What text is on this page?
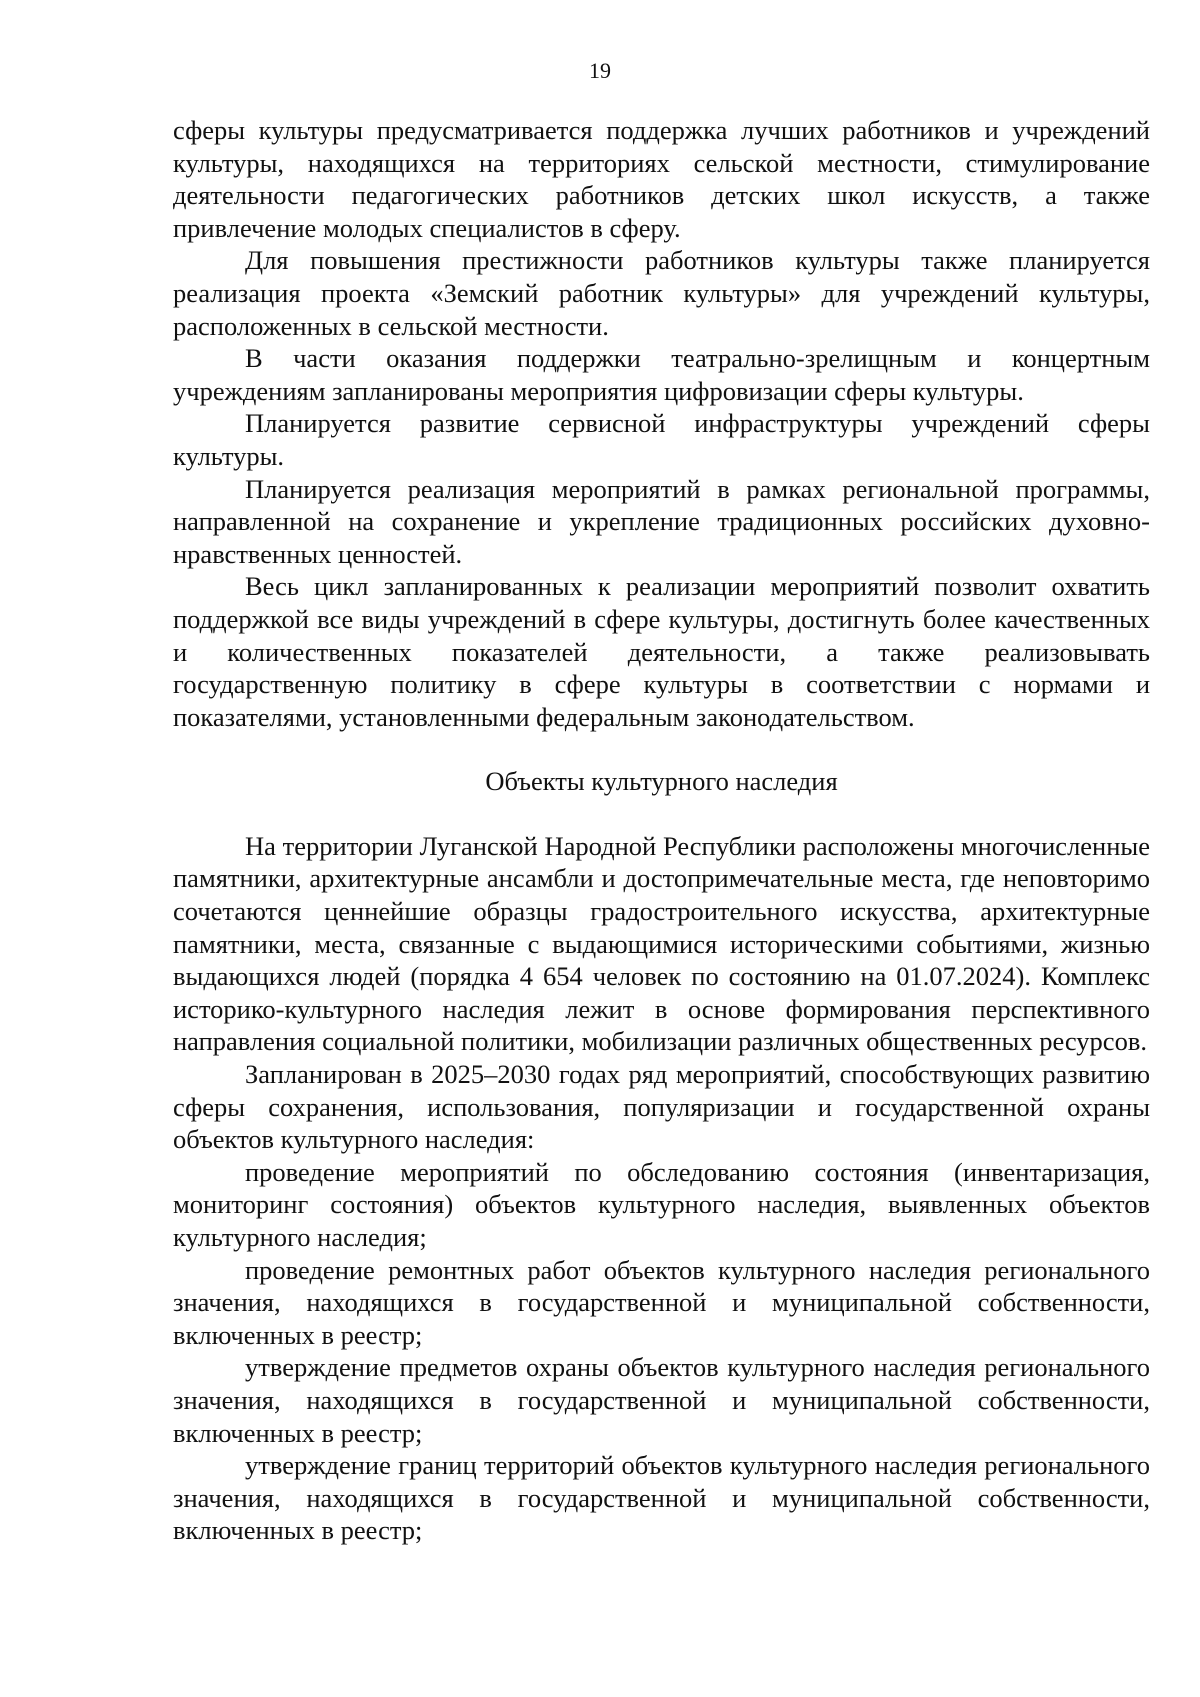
19

сферы культуры предусматривается поддержка лучших работников и учреждений культуры, находящихся на территориях сельской местности, стимулирование деятельности педагогических работников детских школ искусств, а также привлечение молодых специалистов в сферу.

Для повышения престижности работников культуры также планируется реализация проекта «Земский работник культуры» для учреждений культуры, расположенных в сельской местности.

В части оказания поддержки театрально-зрелищным и концертным учреждениям запланированы мероприятия цифровизации сферы культуры.

Планируется развитие сервисной инфраструктуры учреждений сферы культуры.

Планируется реализация мероприятий в рамках региональной программы, направленной на сохранение и укрепление традиционных российских духовно-нравственных ценностей.

Весь цикл запланированных к реализации мероприятий позволит охватить поддержкой все виды учреждений в сфере культуры, достигнуть более качественных и количественных показателей деятельности, а также реализовывать государственную политику в сфере культуры в соответствии с нормами и показателями, установленными федеральным законодательством.

Объекты культурного наследия

На территории Луганской Народной Республики расположены многочисленные памятники, архитектурные ансамбли и достопримечательные места, где неповторимо сочетаются ценнейшие образцы градостроительного искусства, архитектурные памятники, места, связанные с выдающимися историческими событиями, жизнью выдающихся людей (порядка 4 654 человек по состоянию на 01.07.2024). Комплекс историко-культурного наследия лежит в основе формирования перспективного направления социальной политики, мобилизации различных общественных ресурсов.

Запланирован в 2025–2030 годах ряд мероприятий, способствующих развитию сферы сохранения, использования, популяризации и государственной охраны объектов культурного наследия:

проведение мероприятий по обследованию состояния (инвентаризация, мониторинг состояния) объектов культурного наследия, выявленных объектов культурного наследия;

проведение ремонтных работ объектов культурного наследия регионального значения, находящихся в государственной и муниципальной собственности, включенных в реестр;

утверждение предметов охраны объектов культурного наследия регионального значения, находящихся в государственной и муниципальной собственности, включенных в реестр;

утверждение границ территорий объектов культурного наследия регионального значения, находящихся в государственной и муниципальной собственности, включенных в реестр;
